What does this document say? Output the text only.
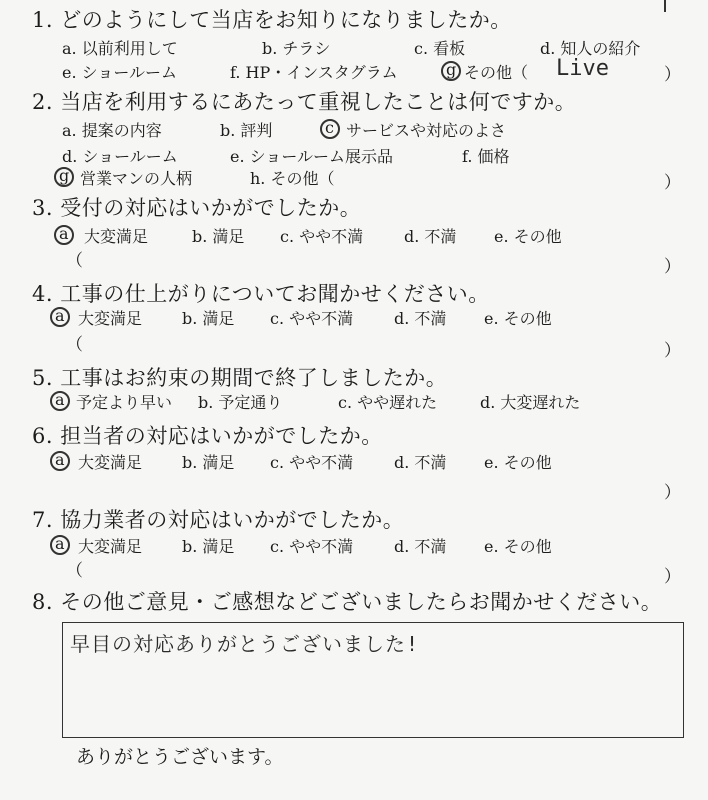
1. どのようにして当店をお知りになりましたか。
a. 以前利用して	b. チラシ	c. 看板	d. 知人の紹介
e. ショールーム	f. HP・インスタグラム	g その他（ Live	）
2. 当店を利用するにあたって重視したことは何ですか。
a. 提案の内容	b. 評判	c サービスや対応のよさ
d. ショールーム	e. ショールーム展示品	f. 価格
g 営業マンの人柄	h. その他（	）
3. 受付の対応はいかがでしたか。
a 大変満足	b. 満足 c. やや不満	d. 不満 e. その他
（	）
4. 工事の仕上がりについてお聞かせください。
a 大変満足 b. 満足 c. やや不満	d. 不満 e. その他
（	）
5. 工事はお約束の期間で終了しましたか。
a 予定より早い b. 予定通り	c. やや遅れた	d. 大変遅れた
6. 担当者の対応はいかがでしたか。
a 大変満足 b. 満足 c. やや不満	d. 不満 e. その他
）
7. 協力業者の対応はいかがでしたか。
a 大変満足 b. 満足 c. やや不満	d. 不満 e. その他
（	）
8. その他ご意見・ご感想などございましたらお聞かせください。
早目の対応ありがとうございました!
ありがとうございます。
